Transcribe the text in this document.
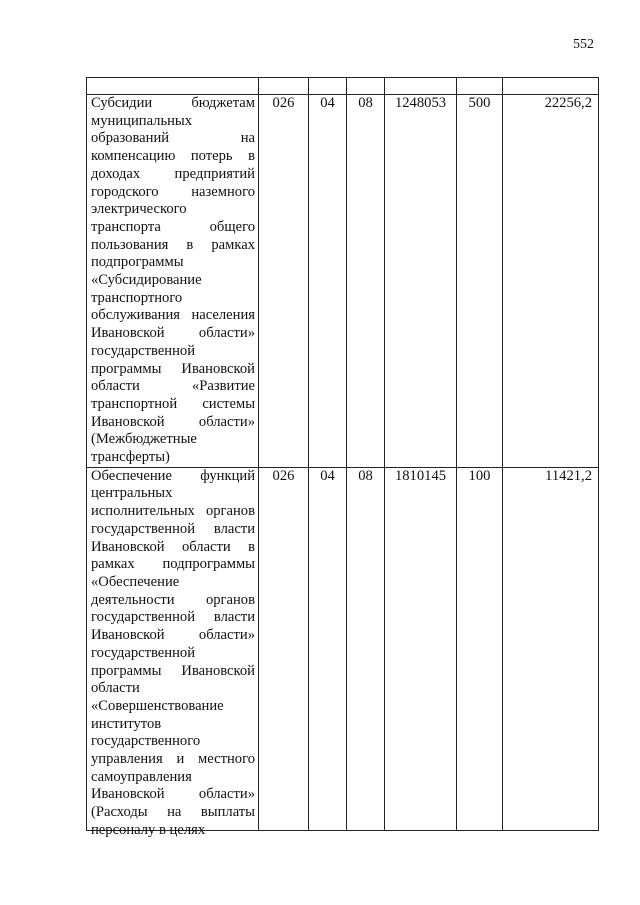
552

Субсидии бюджетам муниципальных образований на компенсацию потерь в доходах предприятий городского наземного электрического транспорта общего пользования в рамках подпрограммы «Субсидирование транспортного обслуживания населения Ивановской области» государственной программы Ивановской области «Развитие транспортной системы Ивановской области» (Межбюджетные трансферты)	026	04	08	1248053	500	22256,2

Обеспечение функций центральных исполнительных органов государственной власти Ивановской области в рамках подпрограммы «Обеспечение деятельности органов государственной власти Ивановской области» государственной программы Ивановской области «Совершенствование институтов государственного управления и местного самоуправления Ивановской области» (Расходы на выплаты персоналу в целях	026	04	08	1810145	100	11421,2
